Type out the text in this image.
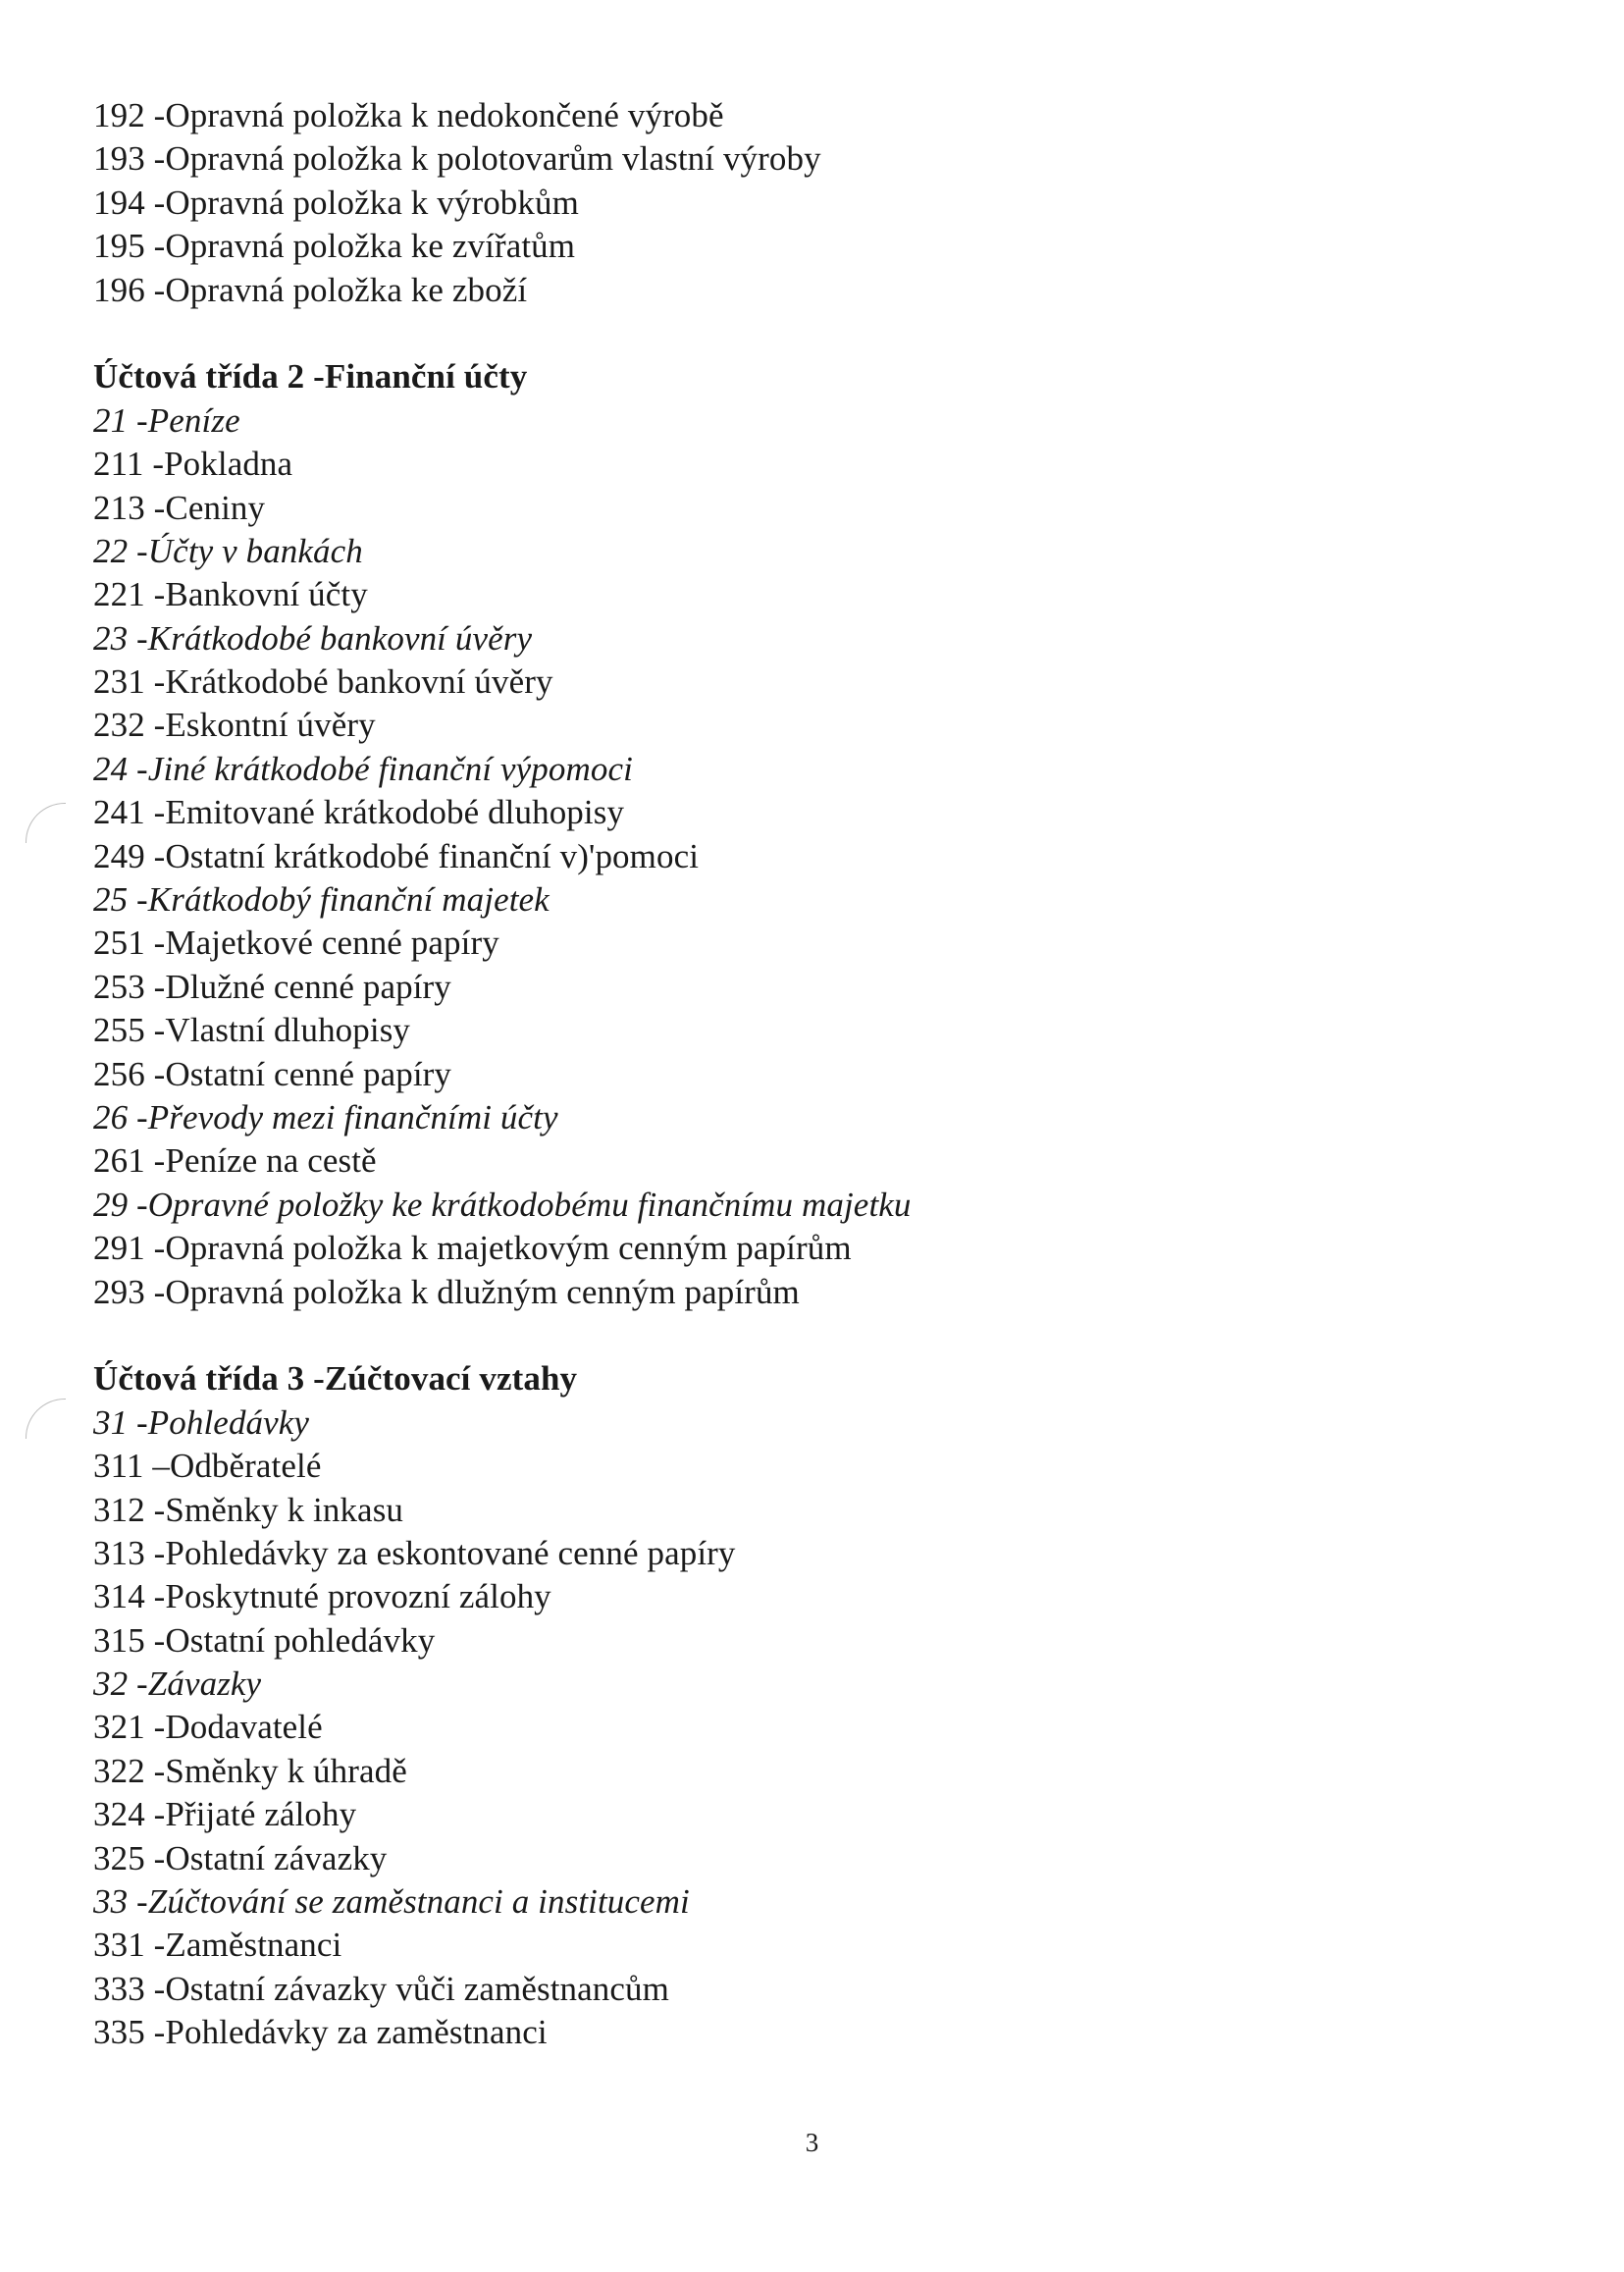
192 -Opravná položka k nedokončené výrobě
193 -Opravná položka k polotovarům vlastní výroby
194 -Opravná položka k výrobkům
195 -Opravná položka ke zvířatům
196 -Opravná položka ke zboží
Účtová třída 2 -Finanční účty
21 -Peníze
211 -Pokladna
213 -Ceniny
22 -Účty v bankách
221 -Bankovní účty
23 -Krátkodobé bankovní úvěry
231 -Krátkodobé bankovní úvěry
232 -Eskontní úvěry
24 -Jiné krátkodobé finanční výpomoci
241 -Emitované krátkodobé dluhopisy
249 -Ostatní krátkodobé finanční v)'pomoci
25 -Krátkodobý finanční majetek
251 -Majetkové cenné papíry
253 -Dlužné cenné papíry
255 -Vlastní dluhopisy
256 -Ostatní cenné papíry
26 -Převody mezi finančními účty
261 -Peníze na cestě
29 -Opravné položky ke krátkodobému finančnímu majetku
291 -Opravná položka k majetkovým cenným papírům
293 -Opravná položka k dlužným cenným papírům
Účtová třída 3 -Zúčtovací vztahy
31 -Pohledávky
311 –Odběratelé
312 -Směnky k inkasu
313 -Pohledávky za eskontované cenné papíry
314 -Poskytnuté provozní zálohy
315 -Ostatní pohledávky
32 -Závazky
321 -Dodavatelé
322 -Směnky k úhradě
324 -Přijaté zálohy
325 -Ostatní závazky
33 -Zúčtování se zaměstnanci a institucemi
331 -Zaměstnanci
333 -Ostatní závazky vůči zaměstnancům
335 -Pohledávky za zaměstnanci
3
